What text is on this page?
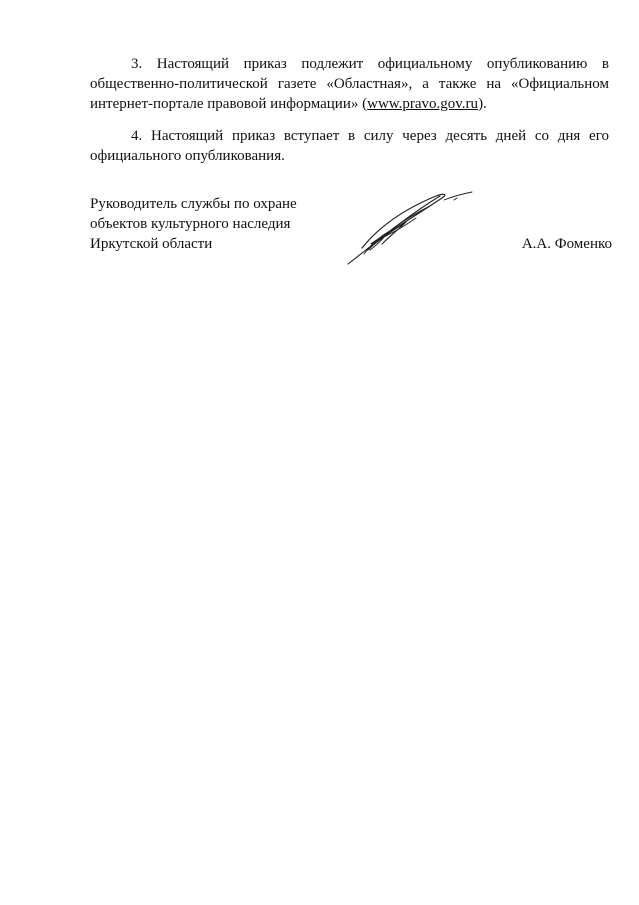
3. Настоящий приказ подлежит официальному опубликованию в общественно-политической газете «Областная», а также на «Официальном интернет-портале правовой информации» (www.pravo.gov.ru).

4. Настоящий приказ вступает в силу через десять дней со дня его официального опубликования.

Руководитель службы по охране
объектов культурного наследия
Иркутской области	А.А. Фоменко
